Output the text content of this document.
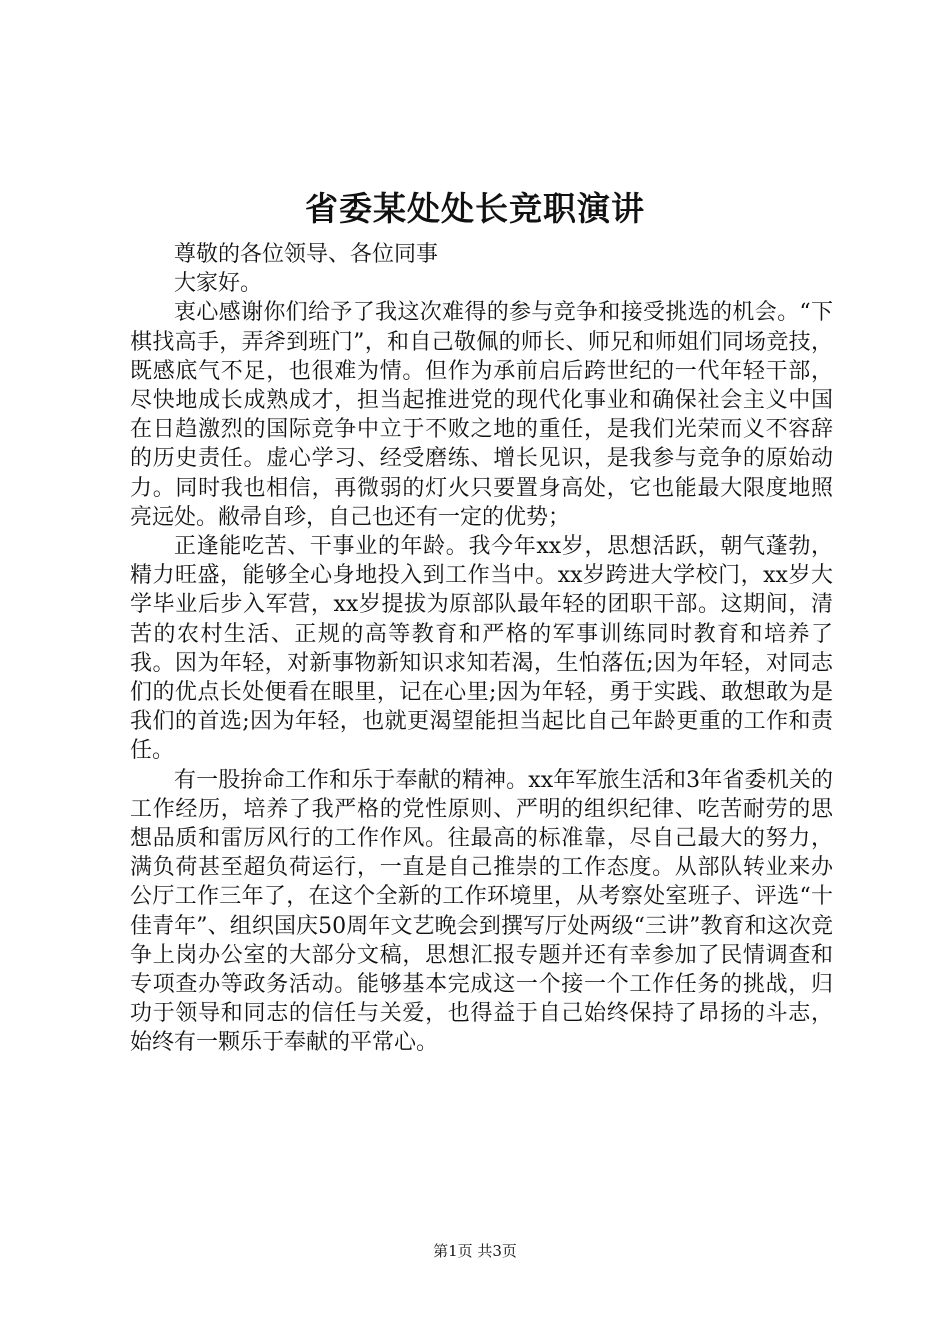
省委某处处长竞职演讲

尊敬的各位领导、各位同事

大家好。

衷心感谢你们给予了我这次难得的参与竞争和接受挑选的机会。“下棋找高手，弄斧到班门”，和自己敬佩的师长、师兄和师姐们同场竞技，既感底气不足，也很难为情。但作为承前启后跨世纪的一代年轻干部，尽快地成长成熟成才，担当起推进党的现代化事业和确保社会主义中国在日趋激烈的国际竞争中立于不败之地的重任，是我们光荣而义不容辞的历史责任。虚心学习、经受磨练、增长见识，是我参与竞争的原始动力。同时我也相信，再微弱的灯火只要置身高处，它也能最大限度地照亮远处。敝帚自珍，自己也还有一定的优势；

正逢能吃苦、干事业的年龄。我今年xx岁，思想活跃，朝气蓬勃，精力旺盛，能够全心身地投入到工作当中。xx岁跨进大学校门，xx岁大学毕业后步入军营，xx岁提拔为原部队最年轻的团职干部。这期间，清苦的农村生活、正规的高等教育和严格的军事训练同时教育和培养了我。因为年轻，对新事物新知识求知若渴，生怕落伍;因为年轻，对同志们的优点长处便看在眼里，记在心里;因为年轻，勇于实践、敢想敢为是我们的首选;因为年轻，也就更渴望能担当起比自己年龄更重的工作和责任。

有一股拚命工作和乐于奉献的精神。xx年军旅生活和3年省委机关的工作经历，培养了我严格的党性原则、严明的组织纪律、吃苦耐劳的思想品质和雷厉风行的工作作风。往最高的标准靠，尽自己最大的努力，满负荷甚至超负荷运行，一直是自己推崇的工作态度。从部队转业来办公厅工作三年了，在这个全新的工作环境里，从考察处室班子、评选“十佳青年”、组织国庆50周年文艺晚会到撰写厅处两级“三讲”教育和这次竞争上岗办公室的大部分文稿，思想汇报专题并还有幸参加了民情调查和专项查办等政务活动。能够基本完成这一个接一个工作任务的挑战，归功于领导和同志的信任与关爱，也得益于自己始终保持了昂扬的斗志，始终有一颗乐于奉献的平常心。

第1页 共3页
